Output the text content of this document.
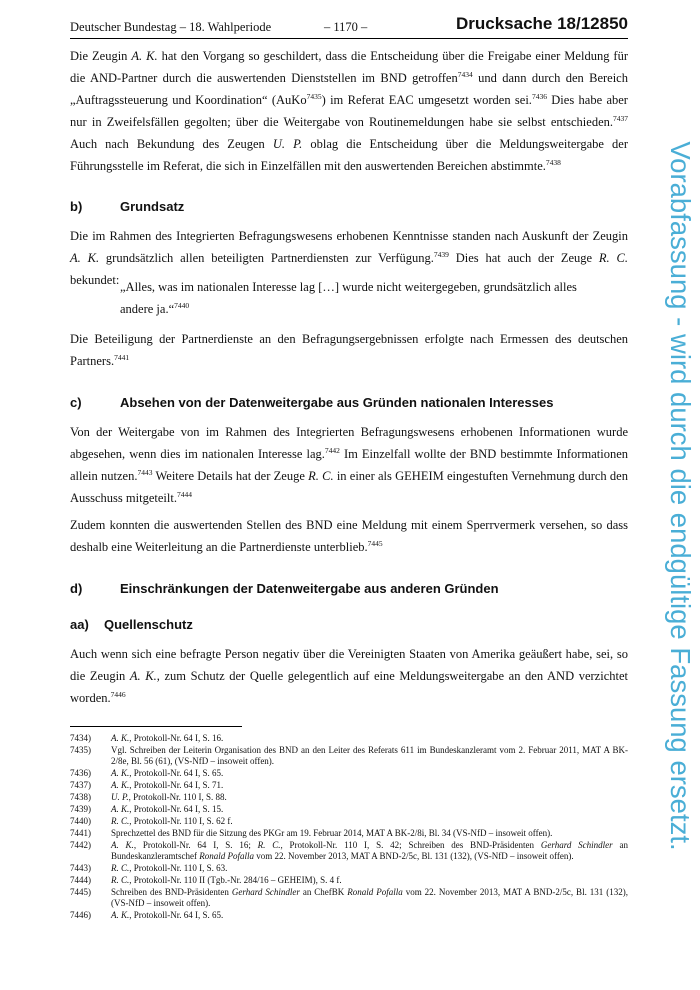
Deutscher Bundestag – 18. Wahlperiode	– 1170 –	Drucksache 18/12850

Die Zeugin A. K. hat den Vorgang so geschildert, dass die Entscheidung über die Freigabe einer Meldung für die AND-Partner durch die auswertenden Dienststellen im BND getroffen$^{7434}$ und dann durch den Bereich „Auftragssteuerung und Koordination“ (AuKo$^{7435}$) im Referat EAC umgesetzt worden sei.$^{7436}$ Dies habe aber nur in Zweifelsfällen gegolten; über die Weitergabe von Routinemeldungen habe sie selbst entschieden.$^{7437}$ Auch nach Bekundung des Zeugen U. P. oblag die Entscheidung über die Meldungsweitergabe der Führungsstelle im Referat, die sich in Einzelfällen mit den auswertenden Bereichen abstimmte.$^{7438}$

b)	Grundsatz

Die im Rahmen des Integrierten Befragungswesens erhobenen Kenntnisse standen nach Auskunft der Zeugin A. K. grundsätzlich allen beteiligten Partnerdiensten zur Verfügung.$^{7439}$ Dies hat auch der Zeuge R. C. bekundet: „Alles, was im nationalen Interesse lag […] wurde nicht weitergegeben, grundsätzlich alles andere ja.“$^{7440}$

Die Beteiligung der Partnerdienste an den Befragungsergebnissen erfolgte nach Ermessen des deutschen Partners.$^{7441}$

c)	Absehen von der Datenweitergabe aus Gründen nationalen Interesses

Von der Weitergabe von im Rahmen des Integrierten Befragungswesens erhobenen Informationen wurde abgesehen, wenn dies im nationalen Interesse lag.$^{7442}$ Im Einzelfall wollte der BND bestimmte Informationen allein nutzen.$^{7443}$ Weitere Details hat der Zeuge R. C. in einer als GEHEIM eingestuften Vernehmung durch den Ausschuss mitgeteilt.$^{7444}$

Zudem konnten die auswertenden Stellen des BND eine Meldung mit einem Sperrvermerk versehen, so dass deshalb eine Weiterleitung an die Partnerdienste unterblieb.$^{7445}$

d)	Einschränkungen der Datenweitergabe aus anderen Gründen
aa) Quellenschutz

Auch wenn sich eine befragte Person negativ über die Vereinigten Staaten von Amerika geäußert habe, sei, so die Zeugin A. K., zum Schutz der Quelle gelegentlich auf eine Meldungsweitergabe an den AND verzichtet worden.$^{7446}$

7434)	A. K., Protokoll-Nr. 64 I, S. 16.
7435)	Vgl. Schreiben der Leiterin Organisation des BND an den Leiter des Referats 611 im Bundeskanzleramt vom 2. Februar 2011, MAT A BK-2/8e, Bl. 56 (61), (VS-NfD – insoweit offen).
7436)	A. K., Protokoll-Nr. 64 I, S. 65.
7437)	A. K., Protokoll-Nr. 64 I, S. 71.
7438)	U. P., Protokoll-Nr. 110 I, S. 88.
7439)	A. K., Protokoll-Nr. 64 I, S. 15.
7440)	R. C., Protokoll-Nr. 110 I, S. 62 f.
7441)	Sprechzettel des BND für die Sitzung des PKGr am 19. Februar 2014, MAT A BK-2/8i, Bl. 34 (VS-NfD – insoweit offen).
7442)	A. K., Protokoll-Nr. 64 I, S. 16; R. C., Protokoll-Nr. 110 I, S. 42; Schreiben des BND-Präsidenten Gerhard Schindler an Bundeskanzleramtschef Ronald Pofalla vom 22. November 2013, MAT A BND-2/5c, Bl. 131 (132), (VS-NfD – insoweit offen).
7443)	R. C., Protokoll-Nr. 110 I, S. 63.
7444)	R. C., Protokoll-Nr. 110 II (Tgb.-Nr. 284/16 – GEHEIM), S. 4 f.
7445)	Schreiben des BND-Präsidenten Gerhard Schindler an ChefBK Ronald Pofalla vom 22. November 2013, MAT A BND-2/5c, Bl. 131 (132), (VS-NfD – insoweit offen).
7446)	A. K., Protokoll-Nr. 64 I, S. 65.
Vorabfassung - wird durch die endgültige Fassung ersetzt.
